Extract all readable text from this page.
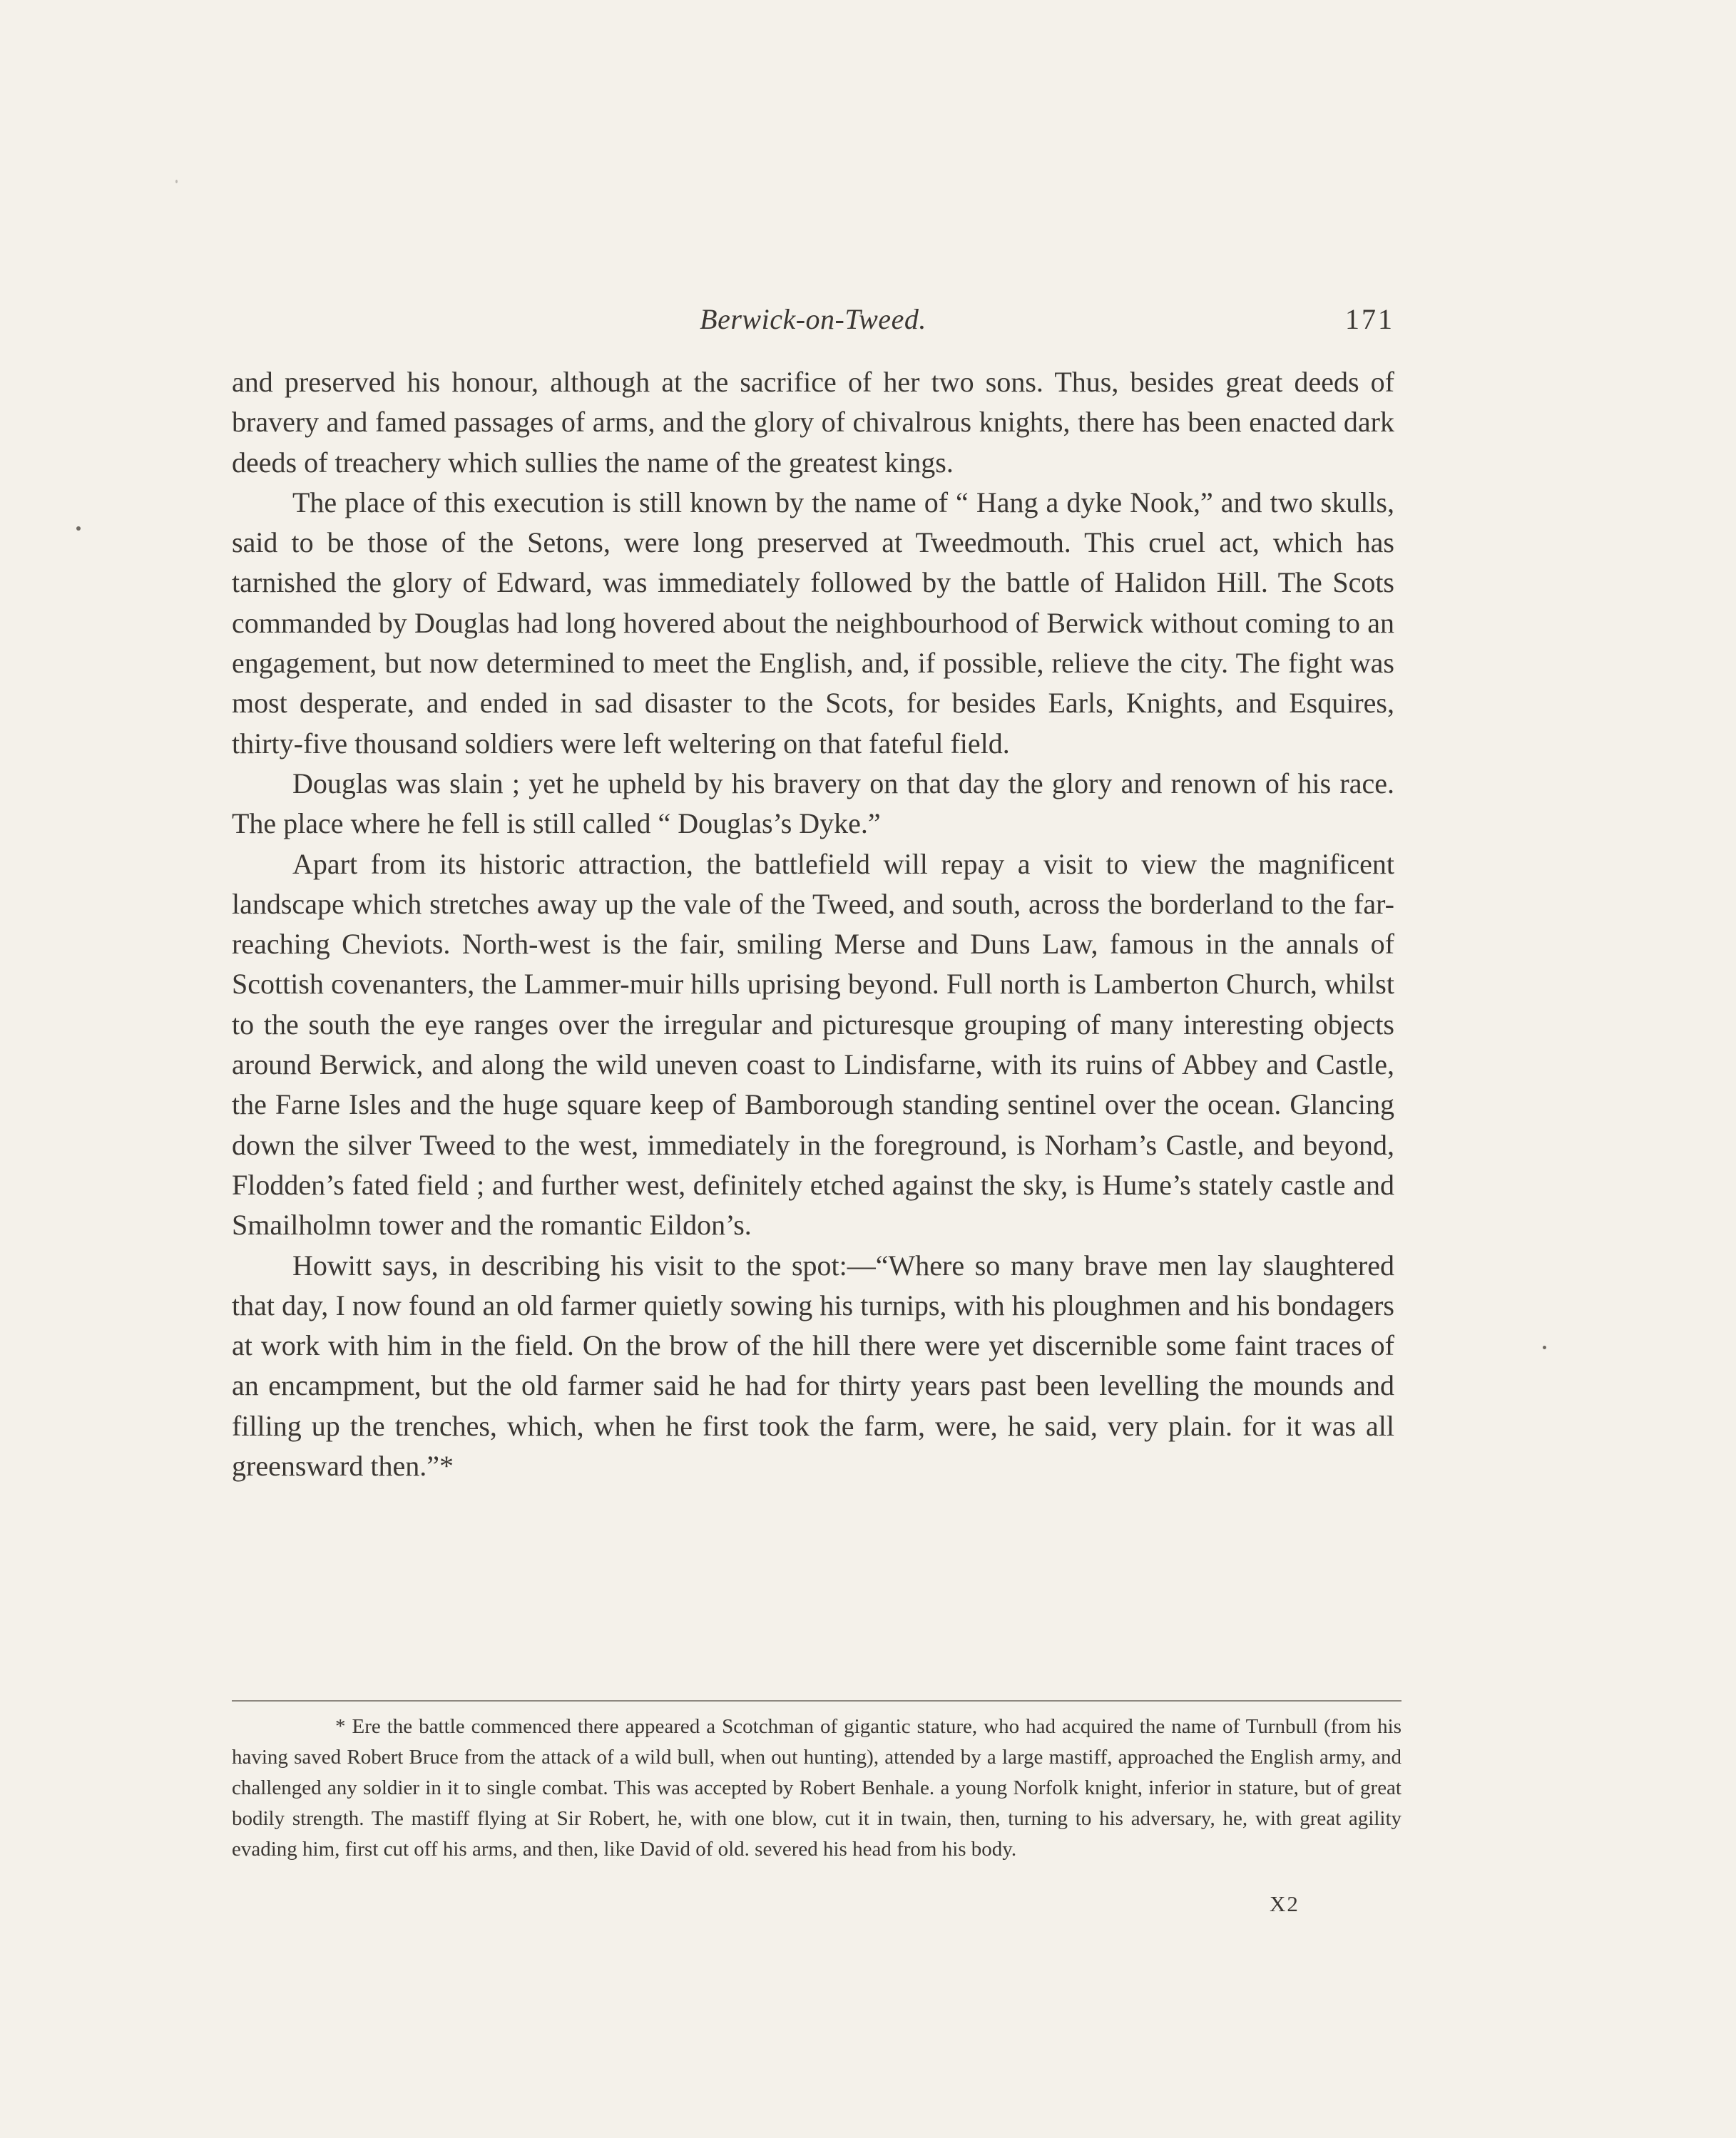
Berwick-on-Tweed.	171

and preserved his honour, although at the sacrifice of her two sons. Thus, besides great deeds of bravery and famed passages of arms, and the glory of chivalrous knights, there has been enacted dark deeds of treachery which sullies the name of the greatest kings.

The place of this execution is still known by the name of “ Hang a dyke Nook,” and two skulls, said to be those of the Setons, were long preserved at Tweedmouth. This cruel act, which has tarnished the glory of Edward, was immediately followed by the battle of Halidon Hill. The Scots commanded by Douglas had long hovered about the neighbourhood of Berwick without coming to an engagement, but now determined to meet the English, and, if possible, relieve the city. The fight was most desperate, and ended in sad disaster to the Scots, for besides Earls, Knights, and Esquires, thirty-five thousand soldiers were left weltering on that fateful field.

Douglas was slain ; yet he upheld by his bravery on that day the glory and renown of his race. The place where he fell is still called “ Douglas’s Dyke.”

Apart from its historic attraction, the battlefield will repay a visit to view the magnificent landscape which stretches away up the vale of the Tweed, and south, across the borderland to the far-reaching Cheviots. North-west is the fair, smiling Merse and Duns Law, famous in the annals of Scottish covenanters, the Lammer-muir hills uprising beyond. Full north is Lamberton Church, whilst to the south the eye ranges over the irregular and picturesque grouping of many interesting objects around Berwick, and along the wild uneven coast to Lindisfarne, with its ruins of Abbey and Castle, the Farne Isles and the huge square keep of Bamborough standing sentinel over the ocean. Glancing down the silver Tweed to the west, immediately in the foreground, is Norham’s Castle, and beyond, Flodden’s fated field ; and further west, definitely etched against the sky, is Hume’s stately castle and Smailholmn tower and the romantic Eildon’s.

Howitt says, in describing his visit to the spot:—“Where so many brave men lay slaughtered that day, I now found an old farmer quietly sowing his turnips, with his ploughmen and his bondagers at work with him in the field. On the brow of the hill there were yet discernible some faint traces of an encampment, but the old farmer said he had for thirty years past been levelling the mounds and filling up the trenches, which, when he first took the farm, were, he said, very plain. for it was all greensward then.”*

* Ere the battle commenced there appeared a Scotchman of gigantic stature, who had acquired the name of Turnbull (from his having saved Robert Bruce from the attack of a wild bull, when out hunting), attended by a large mastiff, approached the English army, and challenged any soldier in it to single combat. This was accepted by Robert Benhale. a young Norfolk knight, inferior in stature, but of great bodily strength. The mastiff flying at Sir Robert, he, with one blow, cut it in twain, then, turning to his adversary, he, with great agility evading him, first cut off his arms, and then, like David of old. severed his head from his body.

X2
